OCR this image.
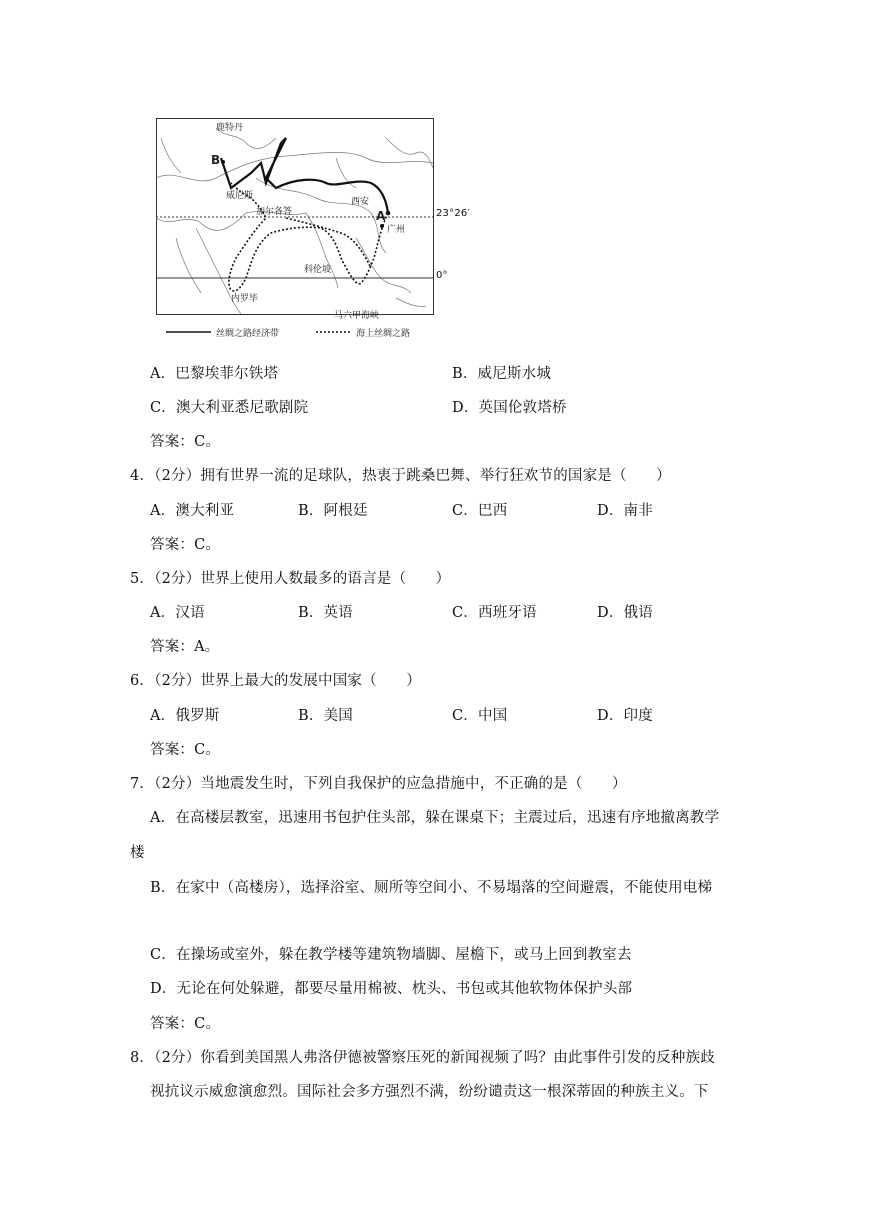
鹿特丹
B
威尼斯
加尔各答
西安
A
广州
科伦坡
内罗毕
马六甲海峡
丝绸之路经济带	海上丝绸之路
23°26′
0°
A．巴黎埃菲尔铁塔	B．威尼斯水城
C．澳大利亚悉尼歌剧院	D．英国伦敦塔桥
答案：C。
4．（2分）拥有世界一流的足球队，热衷于跳桑巴舞、举行狂欢节的国家是（　　）
A．澳大利亚	B．阿根廷	C．巴西	D．南非
答案：C。
5．（2分）世界上使用人数最多的语言是（　　）
A．汉语	B．英语	C．西班牙语	D．俄语
答案：A。
6．（2分）世界上最大的发展中国家（　　）
A．俄罗斯	B．美国	C．中国	D．印度
答案：C。
7．（2分）当地震发生时，下列自我保护的应急措施中，不正确的是（　　）
A．在高楼层教室，迅速用书包护住头部，躲在课桌下；主震过后，迅速有序地撤离教学
楼
B．在家中（高楼房），选择浴室、厕所等空间小、不易塌落的空间避震，不能使用电梯
C．在操场或室外，躲在教学楼等建筑物墙脚、屋檐下，或马上回到教室去
D．无论在何处躲避，都要尽量用棉被、枕头、书包或其他软物体保护头部
答案：C。
8．（2分）你看到美国黑人弗洛伊德被警察压死的新闻视频了吗？由此事件引发的反种族歧
视抗议示威愈演愈烈。国际社会多方强烈不满，纷纷谴责这一根深蒂固的种族主义。下
